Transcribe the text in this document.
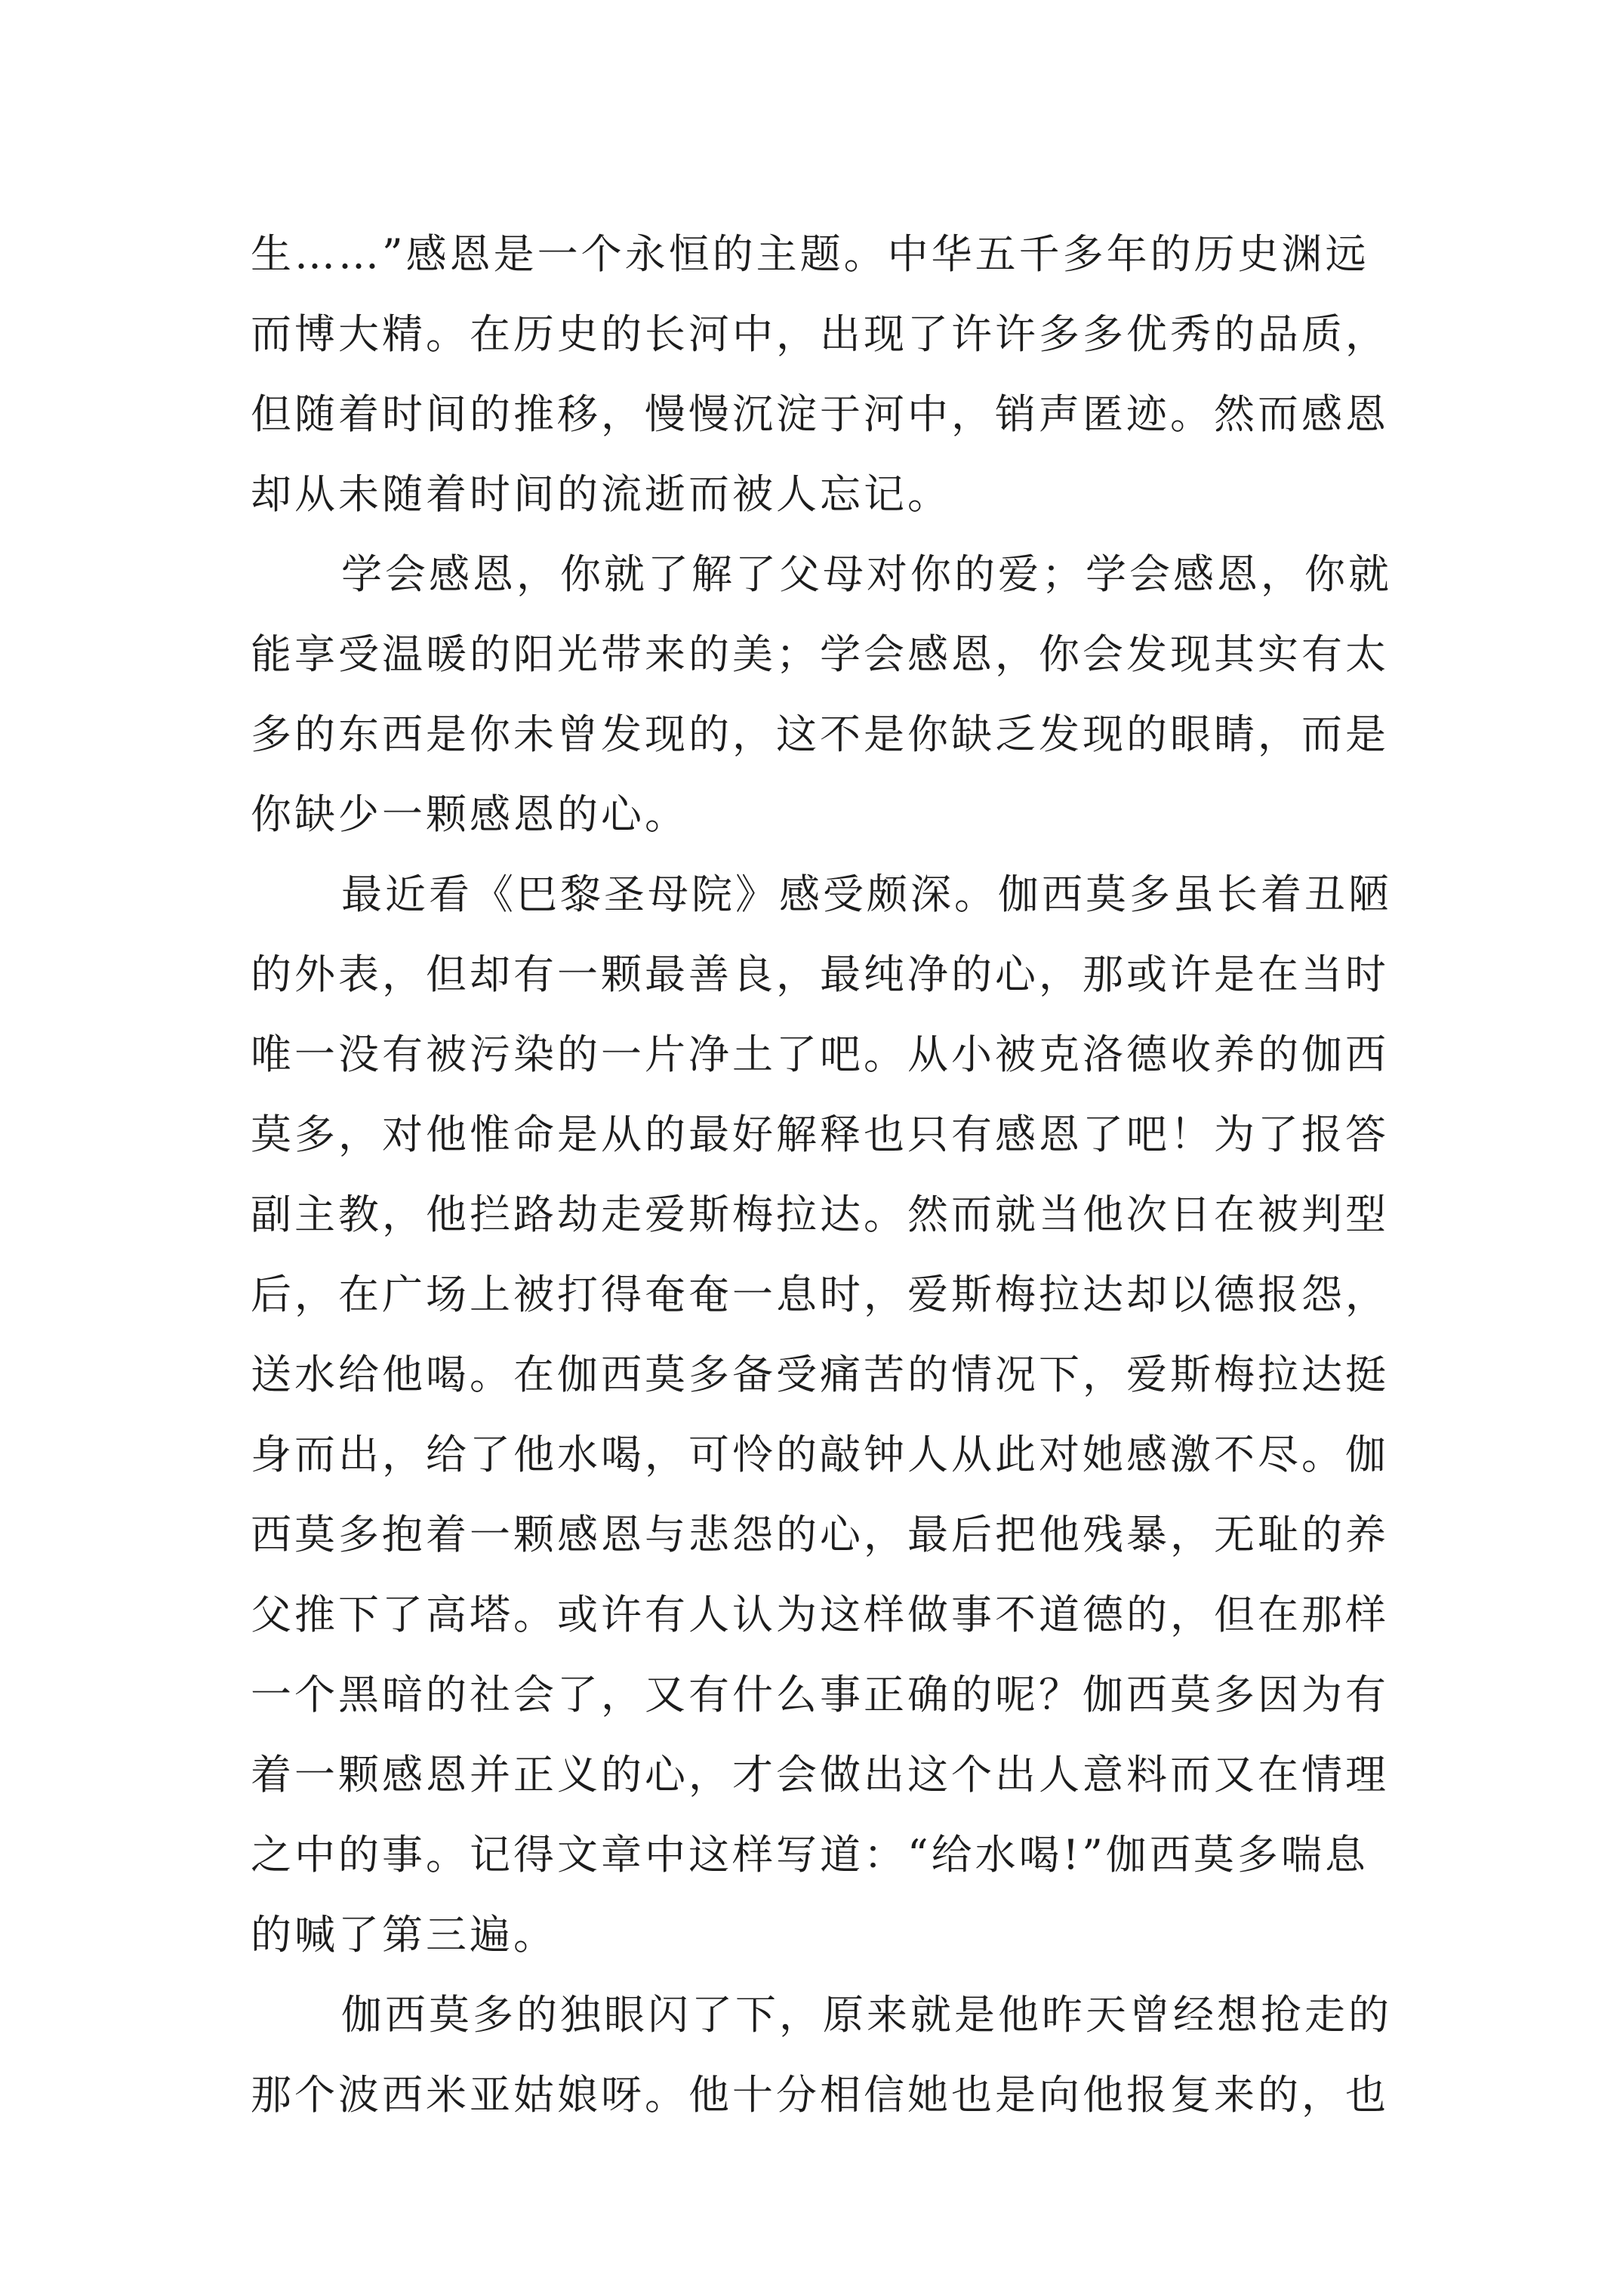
生……”感恩是一个永恒的主题。中华五千多年的历史渊远
而博大精。在历史的长河中，出现了许许多多优秀的品质，
但随着时间的推移，慢慢沉淀于河中，销声匿迹。然而感恩
却从未随着时间的流逝而被人忘记。

学会感恩，你就了解了父母对你的爱；学会感恩，你就
能享受温暖的阳光带来的美；学会感恩，你会发现其实有太
多的东西是你未曾发现的，这不是你缺乏发现的眼睛，而是
你缺少一颗感恩的心。

最近看《巴黎圣母院》感受颇深。伽西莫多虽长着丑陋
的外表，但却有一颗最善良，最纯净的心，那或许是在当时
唯一没有被污染的一片净土了吧。从小被克洛德收养的伽西
莫多，对他惟命是从的最好解释也只有感恩了吧！为了报答
副主教，他拦路劫走爱斯梅拉达。然而就当他次日在被判型
后，在广场上被打得奄奄一息时，爱斯梅拉达却以德报怨，
送水给他喝。在伽西莫多备受痛苦的情况下，爱斯梅拉达挺
身而出，给了他水喝，可怜的敲钟人从此对她感激不尽。伽
西莫多抱着一颗感恩与悲怨的心，最后把他残暴，无耻的养
父推下了高塔。或许有人认为这样做事不道德的，但在那样
一个黑暗的社会了，又有什么事正确的呢？伽西莫多因为有
着一颗感恩并正义的心，才会做出这个出人意料而又在情理
之中的事。记得文章中这样写道：“给水喝!”伽西莫多喘息
的喊了第三遍。

伽西莫多的独眼闪了下，原来就是他昨天曾经想抢走的
那个波西米亚姑娘呀。他十分相信她也是向他报复来的，也
